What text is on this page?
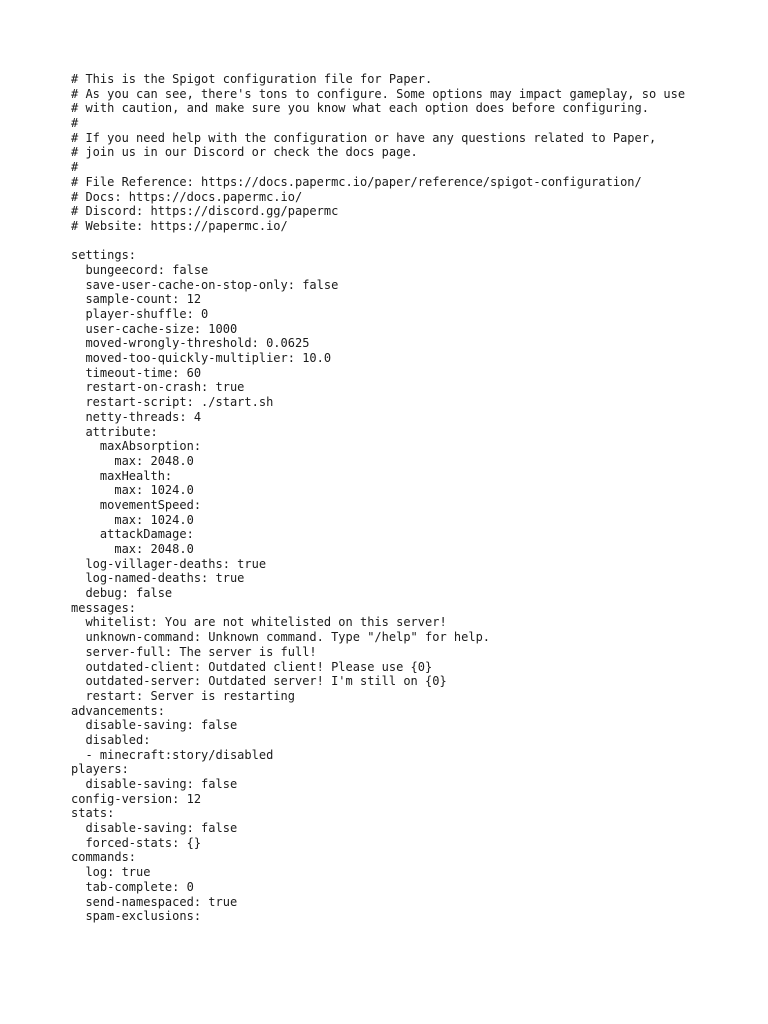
# This is the Spigot configuration file for Paper.
# As you can see, there's tons to configure. Some options may impact gameplay, so use
# with caution, and make sure you know what each option does before configuring.
#
# If you need help with the configuration or have any questions related to Paper,
# join us in our Discord or check the docs page.
#
# File Reference: https://docs.papermc.io/paper/reference/spigot-configuration/
# Docs: https://docs.papermc.io/
# Discord: https://discord.gg/papermc
# Website: https://papermc.io/
settings:
bungeecord: false
save-user-cache-on-stop-only: false
sample-count: 12
player-shuffle: 0
user-cache-size: 1000
moved-wrongly-threshold: 0.0625
moved-too-quickly-multiplier: 10.0
timeout-time: 60
restart-on-crash: true
restart-script: ./start.sh
netty-threads: 4
attribute:
maxAbsorption:
max: 2048.0
maxHealth:
max: 1024.0
movementSpeed:
max: 1024.0
attackDamage:
max: 2048.0
log-villager-deaths: true
log-named-deaths: true
debug: false
messages:
whitelist: You are not whitelisted on this server!
unknown-command: Unknown command. Type "/help" for help.
server-full: The server is full!
outdated-client: Outdated client! Please use {0}
outdated-server: Outdated server! I'm still on {0}
restart: Server is restarting
advancements:
disable-saving: false
disabled:
- minecraft:story/disabled
players:
disable-saving: false
config-version: 12
stats:
disable-saving: false
forced-stats: {}
commands:
log: true
tab-complete: 0
send-namespaced: true
spam-exclusions:
